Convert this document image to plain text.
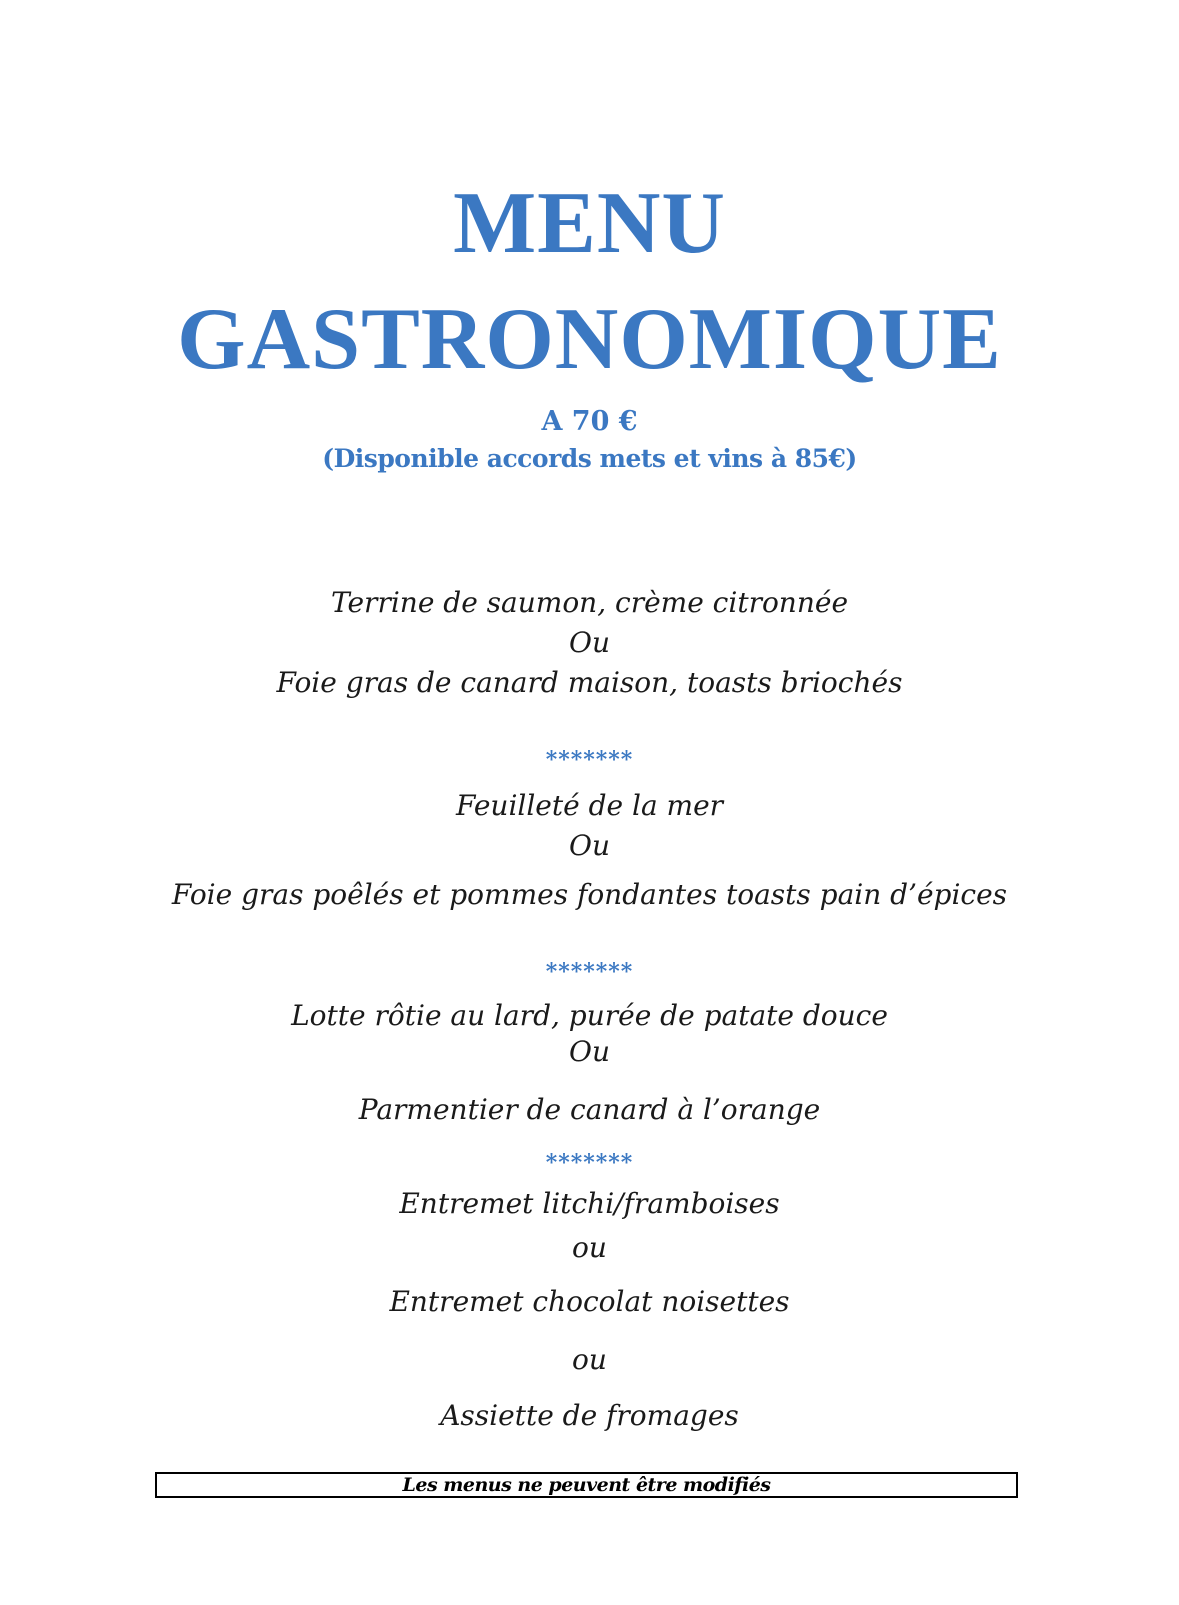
MENU
GASTRONOMIQUE

A 70 €

(Disponible accords mets et vins à 85€)

Terrine de saumon, crème citronnée

Ou

Foie gras de canard maison, toasts briochés

*******

Feuilleté de la mer

Ou

Foie gras poêlés et pommes fondantes toasts pain d’épices

*******

Lotte rôtie au lard, purée de patate douce

Ou

Parmentier de canard à l’orange

*******

Entremet litchi/framboises

ou

Entremet chocolat noisettes

ou

Assiette de fromages

Les menus ne peuvent être modifiés
